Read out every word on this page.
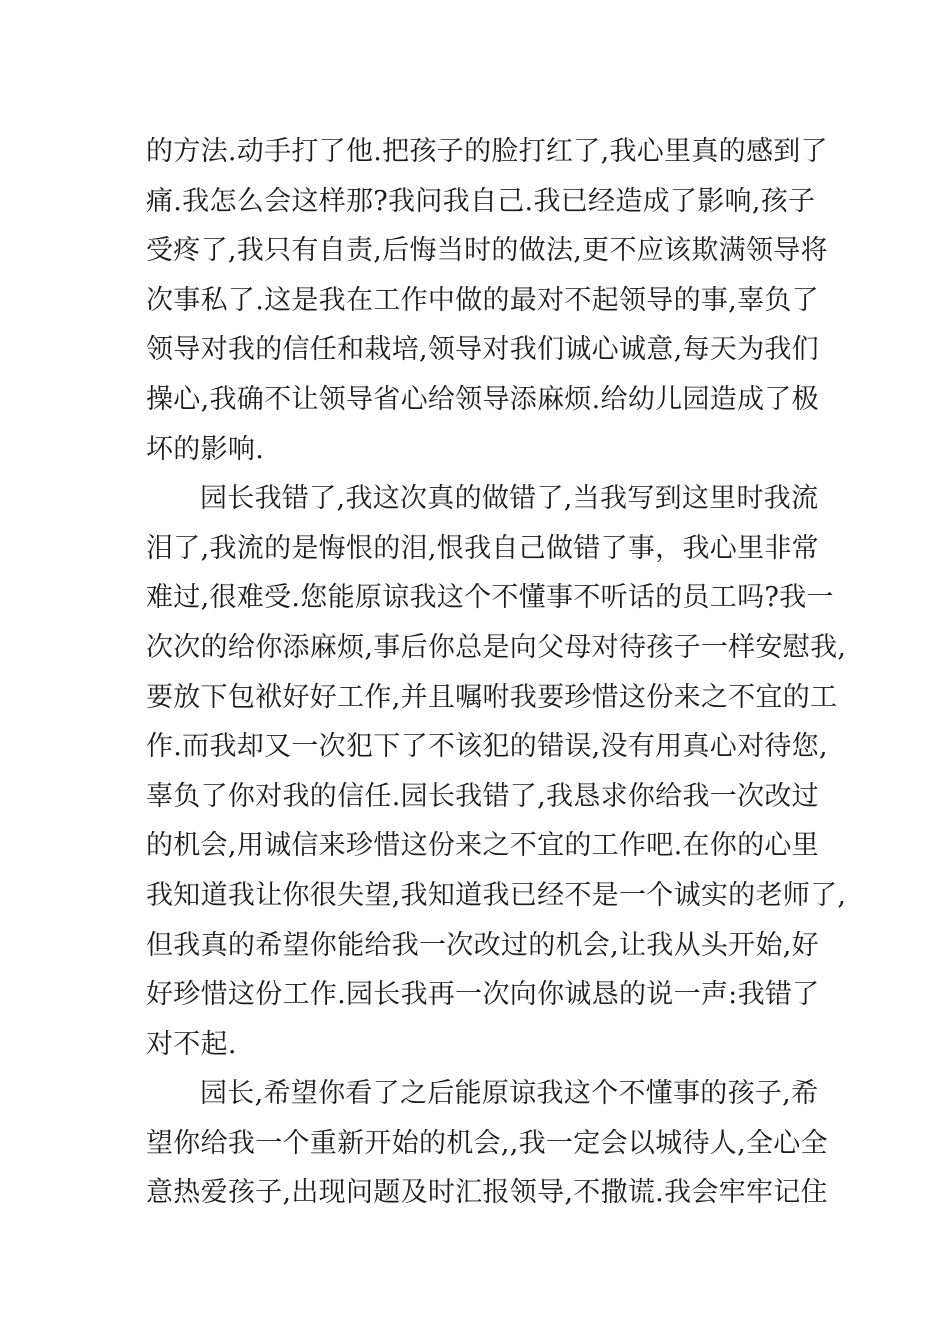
的方法.动手打了他.把孩子的脸打红了,我心里真的感到了
痛.我怎么会这样那?我问我自己.我已经造成了影响,孩子
受疼了,我只有自责,后悔当时的做法,更不应该欺满领导将
次事私了.这是我在工作中做的最对不起领导的事,辜负了
领导对我的信任和栽培,领导对我们诚心诚意,每天为我们
操心,我确不让领导省心给领导添麻烦.给幼儿园造成了极
坏的影响.
园长我错了,我这次真的做错了,当我写到这里时我流
泪了,我流的是悔恨的泪,恨我自己做错了事，我心里非常
难过,很难受.您能原谅我这个不懂事不听话的员工吗?我一
次次的给你添麻烦,事后你总是向父母对待孩子一样安慰我,
要放下包袱好好工作,并且嘱咐我要珍惜这份来之不宜的工
作.而我却又一次犯下了不该犯的错误,没有用真心对待您,
辜负了你对我的信任.园长我错了,我恳求你给我一次改过
的机会,用诚信来珍惜这份来之不宜的工作吧.在你的心里
我知道我让你很失望,我知道我已经不是一个诚实的老师了,
但我真的希望你能给我一次改过的机会,让我从头开始,好
好珍惜这份工作.园长我再一次向你诚恳的说一声:我错了
对不起.
园长,希望你看了之后能原谅我这个不懂事的孩子,希
望你给我一个重新开始的机会,,我一定会以城待人,全心全
意热爱孩子,出现问题及时汇报领导,不撒谎.我会牢牢记住
